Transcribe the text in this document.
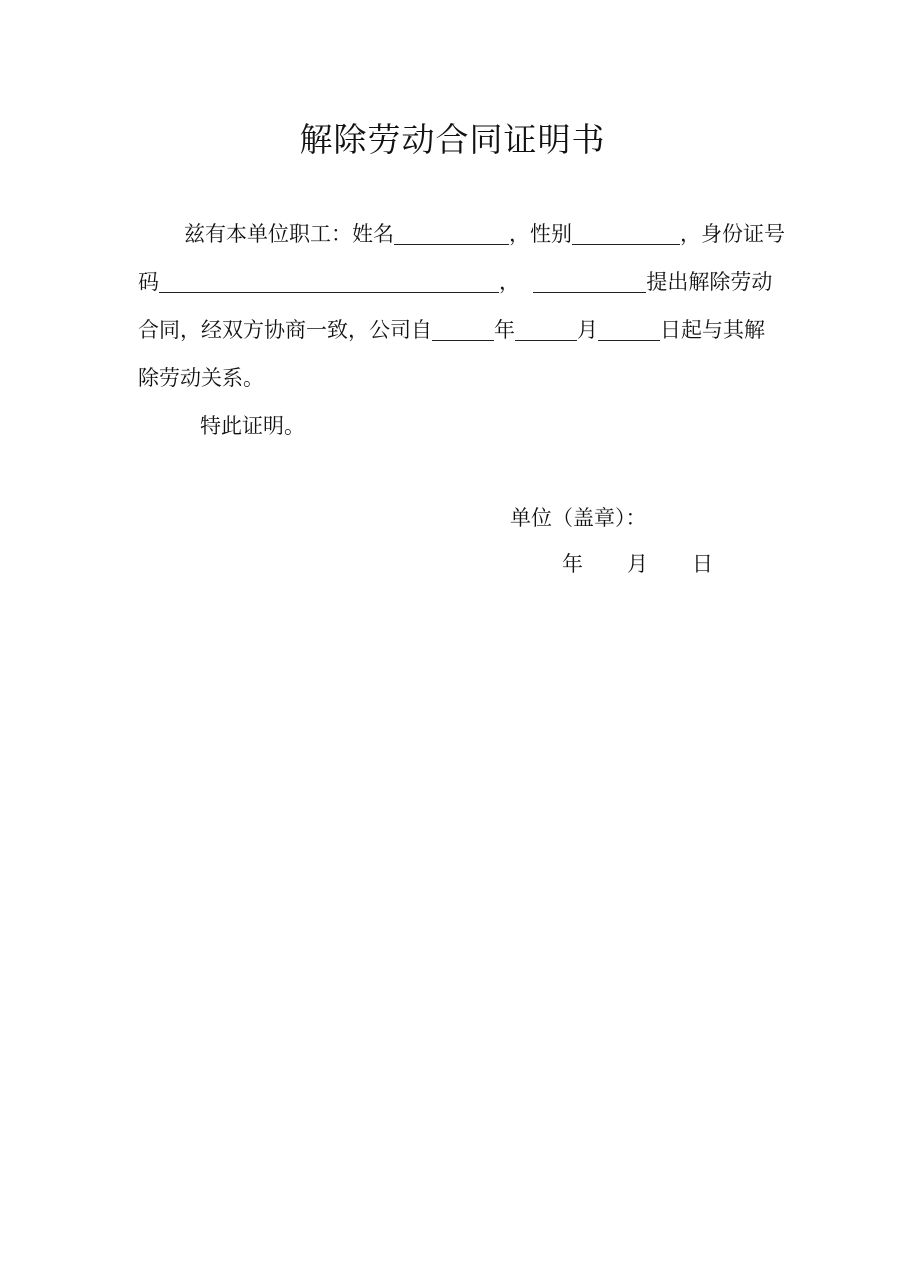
解除劳动合同证明书
兹有本单位职工：姓名	，性别	，身份证号
码	，	提出解除劳动
合同，经双方协商一致，公司自	年	月	日起与其解
除劳动关系。
特此证明。
单位（盖章）：
年 月 日
